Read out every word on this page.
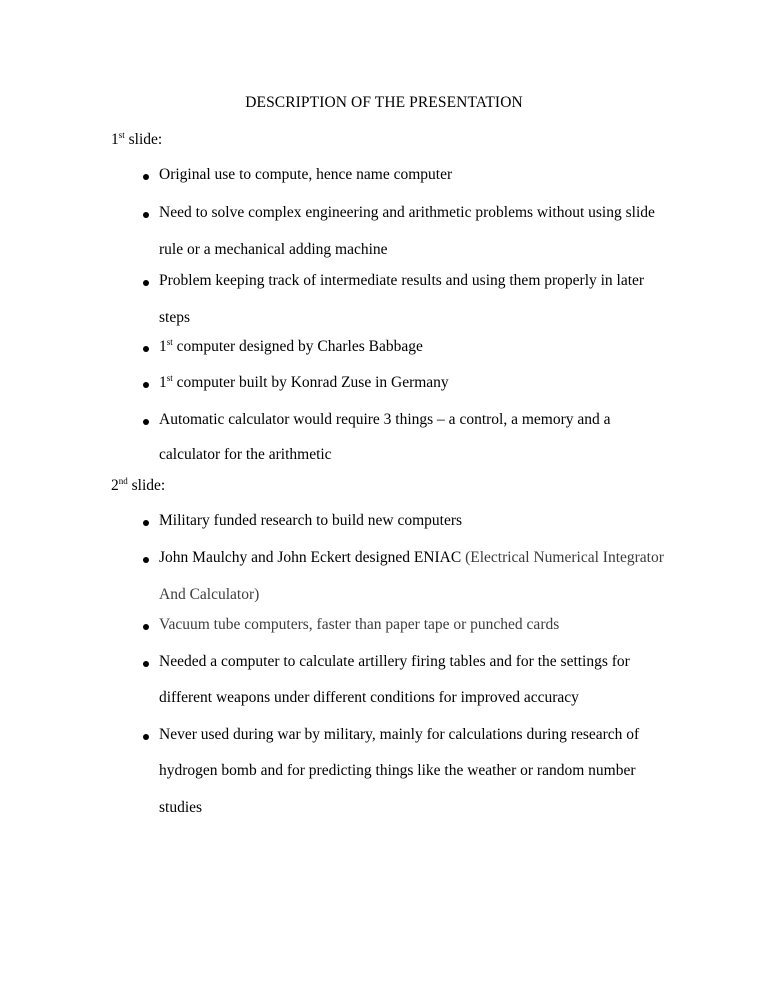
DESCRIPTION OF THE PRESENTATION
1st slide:
Original use to compute, hence name computer
Need to solve complex engineering and arithmetic problems without using slide
rule or a mechanical adding machine
Problem keeping track of intermediate results and using them properly in later
steps
1st computer designed by Charles Babbage
1st computer built by Konrad Zuse in Germany
Automatic calculator would require 3 things – a control, a memory and a
calculator for the arithmetic
2nd slide:
Military funded research to build new computers
John Maulchy and John Eckert designed ENIAC (Electrical Numerical Integrator
And Calculator)
Vacuum tube computers, faster than paper tape or punched cards
Needed a computer to calculate artillery firing tables and for the settings for
different weapons under different conditions for improved accuracy
Never used during war by military, mainly for calculations during research of
hydrogen bomb and for predicting things like the weather or random number
studies
